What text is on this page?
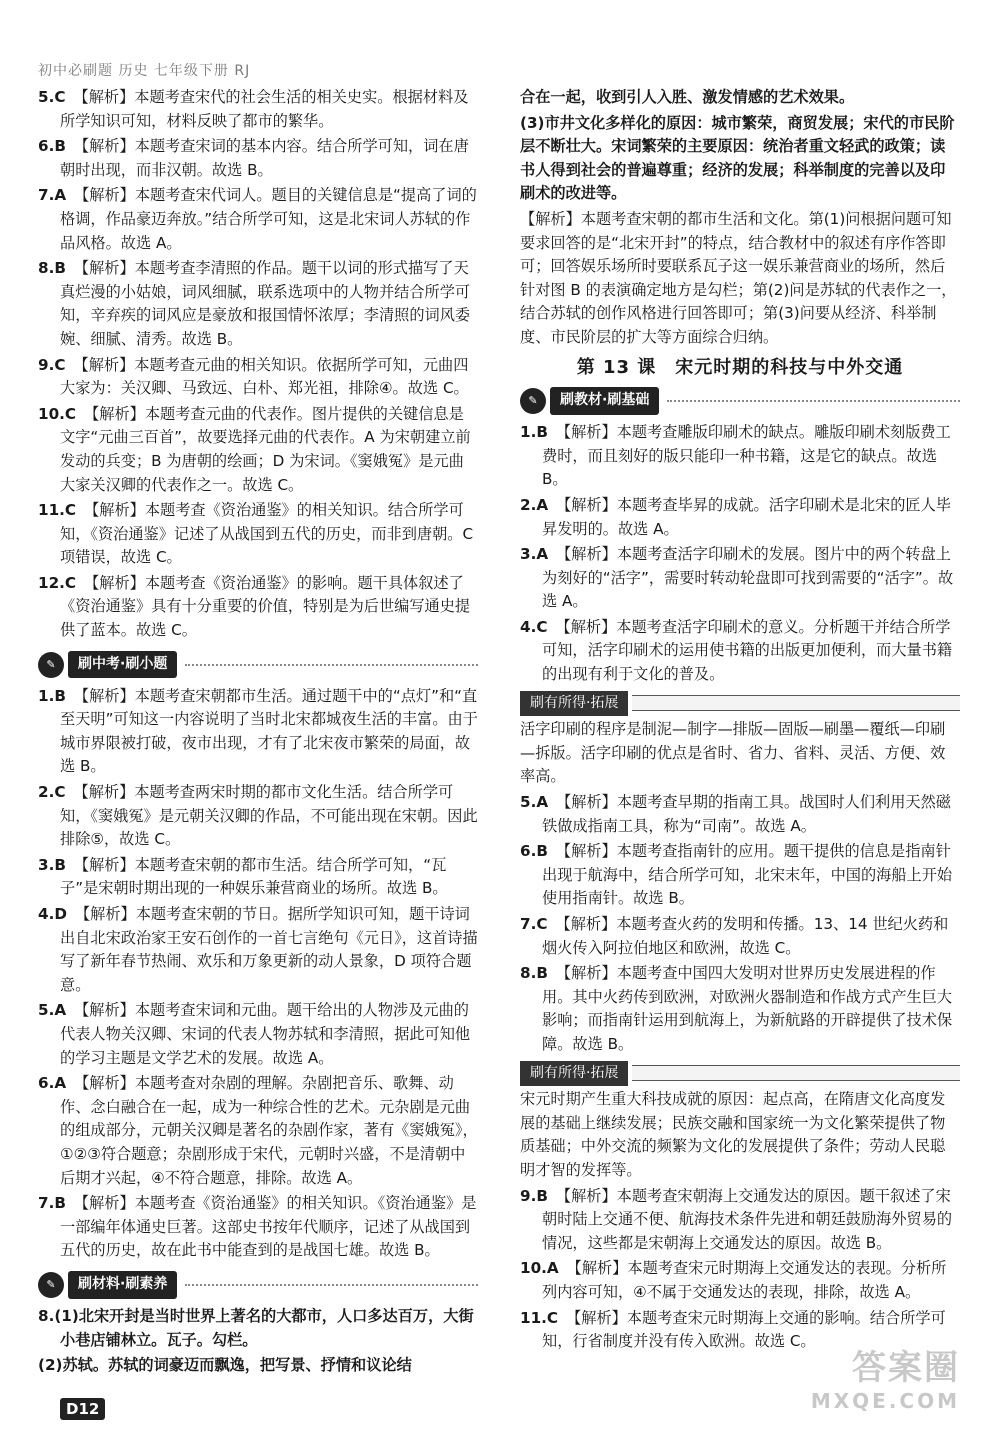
初中必刷题 历史 七年级下册 RJ
5.C 【解析】本题考查宋代的社会生活的相关史实。根据材料及所学知识可知，材料反映了都市的繁华。
6.B 【解析】本题考查宋词的基本内容。结合所学可知，词在唐朝时出现，而非汉朝。故选 B。
7.A 【解析】本题考查宋代词人。题目的关键信息是“提高了词的格调，作品豪迈奔放。”结合所学可知，这是北宋词人苏轼的作品风格。故选 A。
8.B 【解析】本题考查李清照的作品。题干以词的形式描写了天真烂漫的小姑娘，词风细腻，联系选项中的人物并结合所学可知，辛弃疾的词风应是豪放和报国情怀浓厚；李清照的词风委婉、细腻、清秀。故选 B。
9.C 【解析】本题考查元曲的相关知识。依据所学可知，元曲四大家为：关汉卿、马致远、白朴、郑光祖，排除④。故选 C。
10.C 【解析】本题考查元曲的代表作。图片提供的关键信息是文字“元曲三百首”，故要选择元曲的代表作。A 为宋朝建立前发动的兵变；B 为唐朝的绘画；D 为宋词。《窦娥冤》是元曲大家关汉卿的代表作之一。故选 C。
11.C 【解析】本题考查《资治通鉴》的相关知识。结合所学可知，《资治通鉴》记述了从战国到五代的历史，而非到唐朝。C 项错误，故选 C。
12.C 【解析】本题考查《资治通鉴》的影响。题干具体叙述了《资治通鉴》具有十分重要的价值，特别是为后世编写通史提供了蓝本。故选 C。
✎	刷中考·刷小题
1.B 【解析】本题考查宋朝都市生活。通过题干中的“点灯”和“直至天明”可知这一内容说明了当时北宋都城夜生活的丰富。由于城市界限被打破，夜市出现，才有了北宋夜市繁荣的局面，故选 B。
2.C 【解析】本题考查两宋时期的都市文化生活。结合所学可知，《窦娥冤》是元朝关汉卿的作品，不可能出现在宋朝。因此排除⑤，故选 C。
3.B 【解析】本题考查宋朝的都市生活。结合所学可知，“瓦子”是宋朝时期出现的一种娱乐兼营商业的场所。故选 B。
4.D 【解析】本题考查宋朝的节日。据所学知识可知，题干诗词出自北宋政治家王安石创作的一首七言绝句《元日》，这首诗描写了新年春节热闹、欢乐和万象更新的动人景象，D 项符合题意。
5.A 【解析】本题考查宋词和元曲。题干给出的人物涉及元曲的代表人物关汉卿、宋词的代表人物苏轼和李清照，据此可知他的学习主题是文学艺术的发展。故选 A。
6.A 【解析】本题考查对杂剧的理解。杂剧把音乐、歌舞、动作、念白融合在一起，成为一种综合性的艺术。元杂剧是元曲的组成部分，元朝关汉卿是著名的杂剧作家，著有《窦娥冤》，①②③符合题意；杂剧形成于宋代，元朝时兴盛，不是清朝中后期才兴起，④不符合题意，排除。故选 A。
7.B 【解析】本题考查《资治通鉴》的相关知识。《资治通鉴》是一部编年体通史巨著。这部史书按年代顺序，记述了从战国到五代的历史，故在此书中能查到的是战国七雄。故选 B。
✎	刷材料·刷素养
8.(1)北宋开封是当时世界上著名的大都市，人口多达百万，大街小巷店铺林立。瓦子。勾栏。
(2)苏轼。苏轼的词豪迈而飘逸，把写景、抒情和议论结
合在一起，收到引人入胜、激发情感的艺术效果。
(3)市井文化多样化的原因：城市繁荣，商贸发展；宋代的市民阶层不断壮大。宋词繁荣的主要原因：统治者重文轻武的政策；读书人得到社会的普遍尊重；经济的发展；科举制度的完善以及印刷术的改进等。
【解析】本题考查宋朝的都市生活和文化。第(1)问根据问题可知要求回答的是“北宋开封”的特点，结合教材中的叙述有序作答即可；回答娱乐场所时要联系瓦子这一娱乐兼营商业的场所，然后针对图 B 的表演确定地方是勾栏；第(2)问是苏轼的代表作之一，结合苏轼的创作风格进行回答即可；第(3)问要从经济、科举制度、市民阶层的扩大等方面综合归纳。
第 13 课　宋元时期的科技与中外交通
✎	刷教材·刷基础
1.B 【解析】本题考查雕版印刷术的缺点。雕版印刷术刻版费工费时，而且刻好的版只能印一种书籍，这是它的缺点。故选 B。
2.A 【解析】本题考查毕昇的成就。活字印刷术是北宋的匠人毕昇发明的。故选 A。
3.A 【解析】本题考查活字印刷术的发展。图片中的两个转盘上为刻好的“活字”，需要时转动轮盘即可找到需要的“活字”。故选 A。
4.C 【解析】本题考查活字印刷术的意义。分析题干并结合所学可知，活字印刷术的运用使书籍的出版更加便利，而大量书籍的出现有利于文化的普及。
刷有所得·拓展
活字印刷的程序是制泥—制字—排版—固版—刷墨—覆纸—印刷—拆版。活字印刷的优点是省时、省力、省料、灵活、方便、效率高。
5.A 【解析】本题考查早期的指南工具。战国时人们利用天然磁铁做成指南工具，称为“司南”。故选 A。
6.B 【解析】本题考查指南针的应用。题干提供的信息是指南针出现于航海中，结合所学可知，北宋末年，中国的海船上开始使用指南针。故选 B。
7.C 【解析】本题考查火药的发明和传播。13、14 世纪火药和烟火传入阿拉伯地区和欧洲，故选 C。
8.B 【解析】本题考查中国四大发明对世界历史发展进程的作用。其中火药传到欧洲，对欧洲火器制造和作战方式产生巨大影响；而指南针运用到航海上，为新航路的开辟提供了技术保障。故选 B。
刷有所得·拓展
宋元时期产生重大科技成就的原因：起点高，在隋唐文化高度发展的基础上继续发展；民族交融和国家统一为文化繁荣提供了物质基础；中外交流的频繁为文化的发展提供了条件；劳动人民聪明才智的发挥等。
9.B 【解析】本题考查宋朝海上交通发达的原因。题干叙述了宋朝时陆上交通不便、航海技术条件先进和朝廷鼓励海外贸易的情况，这些都是宋朝海上交通发达的原因。故选 B。
10.A 【解析】本题考查宋元时期海上交通发达的表现。分析所列内容可知，④不属于交通发达的表现，排除，故选 A。
11.C 【解析】本题考查宋元时期海上交通的影响。结合所学可知，行省制度并没有传入欧洲。故选 C。
D12
答案圈
MXQE.COM
